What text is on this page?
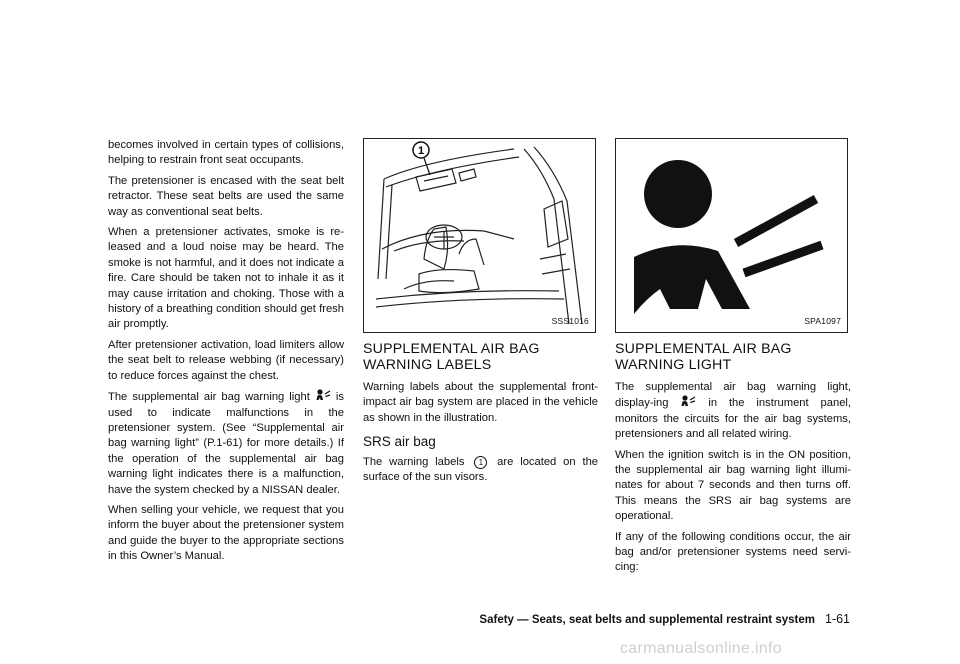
becomes involved in certain types of collisions, helping to restrain front seat occupants.

The pretensioner is encased with the seat belt retractor. These seat belts are used the same way as conventional seat belts.

When a pretensioner activates, smoke is re-leased and a loud noise may be heard. The smoke is not harmful, and it does not indicate a fire. Care should be taken not to inhale it as it may cause irritation and choking. Those with a history of a breathing condition should get fresh air promptly.

After pretensioner activation, load limiters allow the seat belt to release webbing (if necessary) to reduce forces against the chest.

The supplemental air bag warning light is used to indicate malfunctions in the pretensioner system. (See “Supplemental air bag warning light” (P.1-61) for more details.) If the operation of the supplemental air bag warning light indicates there is a malfunction, have the system checked by a NISSAN dealer.

When selling your vehicle, we request that you inform the buyer about the pretensioner system and guide the buyer to the appropriate sections in this Owner’s Manual.

1
SSS1016
SUPPLEMENTAL AIR BAG WARNING LABELS

Warning labels about the supplemental front-impact air bag system are placed in the vehicle as shown in the illustration.

SRS air bag

The warning labels 1 are located on the surface of the sun visors.

SPA1097
SUPPLEMENTAL AIR BAG WARNING LIGHT

The supplemental air bag warning light, display-ing	in the instrument panel, monitors the circuits for the air bag systems, pretensioners and all related wiring.

When the ignition switch is in the ON position, the supplemental air bag warning light illumi-nates for about 7 seconds and then turns off. This means the SRS air bag systems are operational.

If any of the following conditions occur, the air bag and/or pretensioner systems need servi-cing:

Safety — Seats, seat belts and supplemental restraint system 1-61
carmanualsonline.info
